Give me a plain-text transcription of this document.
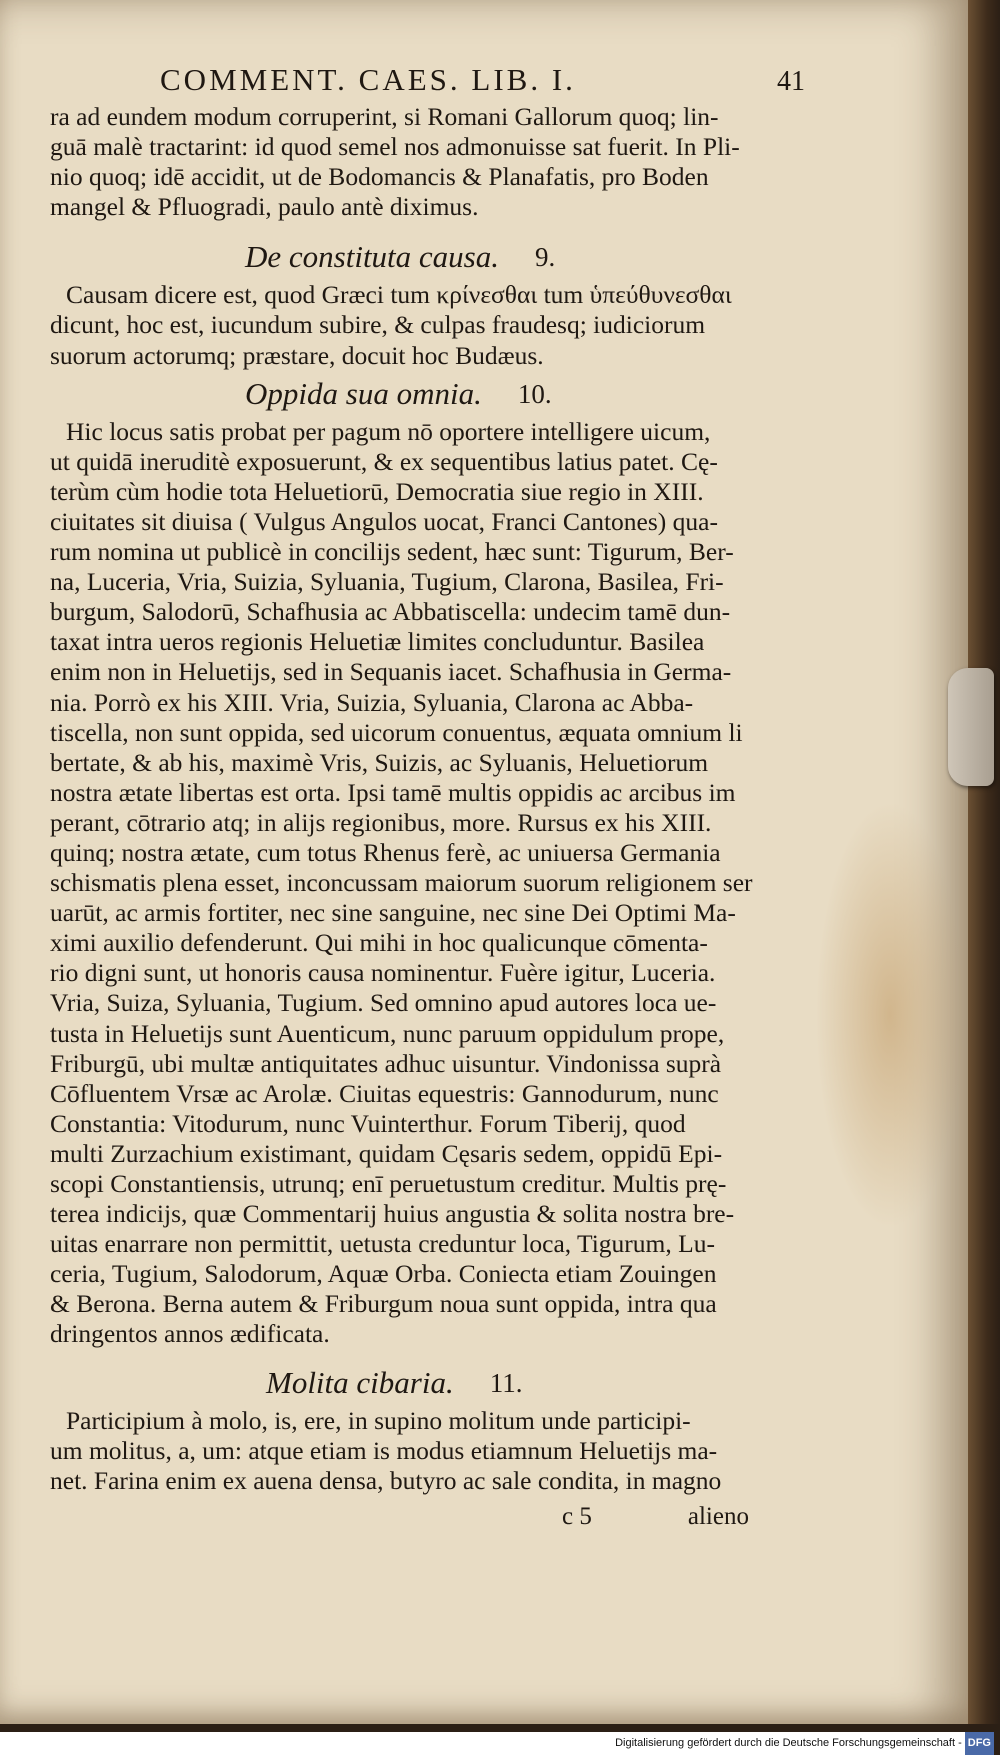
COMMENT. CAES. LIB. I.	41
ra ad eundem modum corruperint, si Romani Gallorum quoq; lin-
guā malè tractarint: id quod semel nos admonuisse sat fuerit. In Pli-
nio quoq; idē accidit, ut de Bodomancis & Planafatis, pro Boden
mangel & Pfluogradi, paulo antè diximus.
De constituta causa. 9.
Causam dicere est, quod Græci tum κρίνεσθαι tum ὑπεύθυνεσθαι
dicunt, hoc est, iucundum subire, & culpas fraudesq; iudiciorum
suorum actorumq; præstare, docuit hoc Budæus.
Oppida sua omnia. 10.
Hic locus satis probat per pagum nō oportere intelligere uicum,
ut quidā ineruditè exposuerunt, & ex sequentibus latius patet. Cę-
terùm cùm hodie tota Heluetiorū, Democratia siue regio in XIII.
ciuitates sit diuisa ( Vulgus Angulos uocat, Franci Cantones) qua-
rum nomina ut publicè in concilijs sedent, hæc sunt: Tigurum, Ber-
na, Luceria, Vria, Suizia, Syluania, Tugium, Clarona, Basilea, Fri-
burgum, Salodorū, Schafhusia ac Abbatiscella: undecim tamē dun-
taxat intra ueros regionis Heluetiæ limites concluduntur. Basilea
enim non in Heluetijs, sed in Sequanis iacet. Schafhusia in Germa-
nia. Porrò ex his XIII. Vria, Suizia, Syluania, Clarona ac Abba-
tiscella, non sunt oppida, sed uicorum conuentus, æquata omnium li
bertate, & ab his, maximè Vris, Suizis, ac Syluanis, Heluetiorum
nostra ætate libertas est orta. Ipsi tamē multis oppidis ac arcibus im
perant, cōtrario atq; in alijs regionibus, more. Rursus ex his XIII.
quinq; nostra ætate, cum totus Rhenus ferè, ac uniuersa Germania
schismatis plena esset, inconcussam maiorum suorum religionem ser
uarūt, ac armis fortiter, nec sine sanguine, nec sine Dei Optimi Ma-
ximi auxilio defenderunt. Qui mihi in hoc qualicunque cōmenta-
rio digni sunt, ut honoris causa nominentur. Fuère igitur, Luceria.
Vria, Suiza, Syluania, Tugium. Sed omnino apud autores loca ue-
tusta in Heluetijs sunt Auenticum, nunc paruum oppidulum prope,
Friburgū, ubi multæ antiquitates adhuc uisuntur. Vindonissa suprà
Cōfluentem Vrsæ ac Arolæ. Ciuitas equestris: Gannodurum, nunc
Constantia: Vitodurum, nunc Vuinterthur. Forum Tiberij, quod
multi Zurzachium existimant, quidam Cęsaris sedem, oppidū Epi-
scopi Constantiensis, utrunq; enī peruetustum creditur. Multis prę-
terea indicijs, quæ Commentarij huius angustia & solita nostra bre-
uitas enarrare non permittit, uetusta creduntur loca, Tigurum, Lu-
ceria, Tugium, Salodorum, Aquæ Orba. Coniecta etiam Zouingen
& Berona. Berna autem & Friburgum noua sunt oppida, intra qua
dringentos annos ædificata.
Molita cibaria. 11.
Participium à molo, is, ere, in supino molitum unde participi-
um molitus, a, um: atque etiam is modus etiamnum Heluetijs ma-
net. Farina enim ex auena densa, butyro ac sale condita, in magno
c 5	alieno
Digitalisierung gefördert durch die Deutsche Forschungsgemeinschaft - DFG
